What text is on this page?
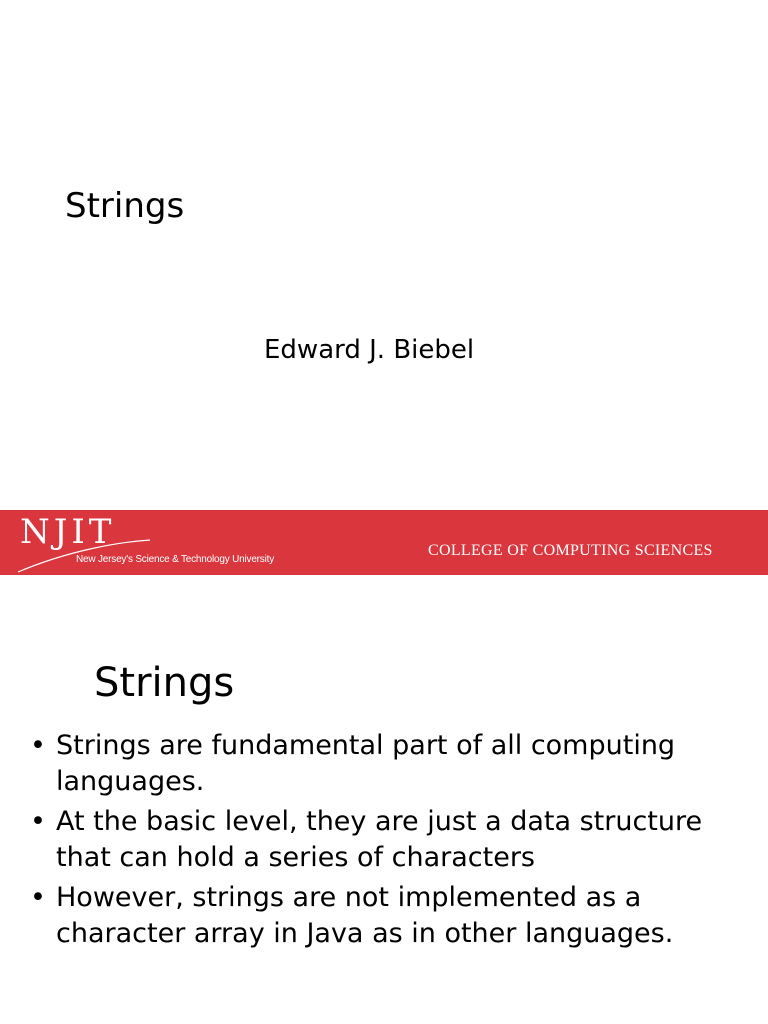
Strings
Edward J. Biebel
NJIT
New Jersey's Science & Technology University
COLLEGE OF COMPUTING SCIENCES
Strings
• Strings are fundamental part of all computing languages.
• At the basic level, they are just a data structure that can hold a series of characters
• However, strings are not implemented as a character array in Java as in other languages.
